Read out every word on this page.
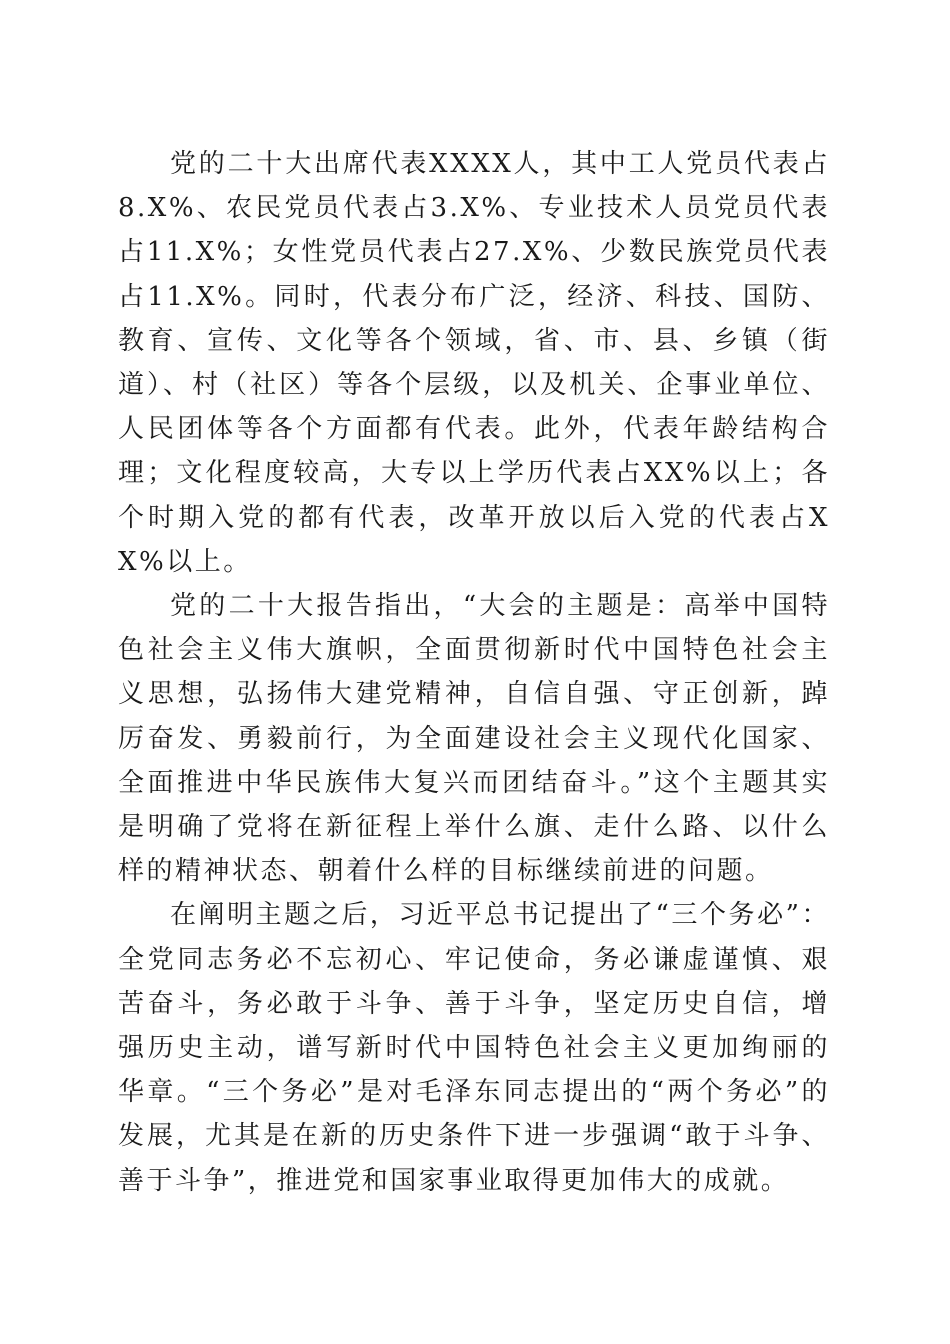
党的二十大出席代表XXXX人，其中工人党员代表占8.X%、农民党员代表占3.X%、专业技术人员党员代表占11.X%；女性党员代表占27.X%、少数民族党员代表占11.X%。同时，代表分布广泛，经济、科技、国防、教育、宣传、文化等各个领域，省、市、县、乡镇（街道）、村（社区）等各个层级，以及机关、企事业单位、人民团体等各个方面都有代表。此外，代表年龄结构合理；文化程度较高，大专以上学历代表占XX%以上；各个时期入党的都有代表，改革开放以后入党的代表占XX%以上。

党的二十大报告指出，“大会的主题是：高举中国特色社会主义伟大旗帜，全面贯彻新时代中国特色社会主义思想，弘扬伟大建党精神，自信自强、守正创新，踔厉奋发、勇毅前行，为全面建设社会主义现代化国家、全面推进中华民族伟大复兴而团结奋斗。”这个主题其实是明确了党将在新征程上举什么旗、走什么路、以什么样的精神状态、朝着什么样的目标继续前进的问题。

在阐明主题之后，习近平总书记提出了“三个务必”：全党同志务必不忘初心、牢记使命，务必谦虚谨慎、艰苦奋斗，务必敢于斗争、善于斗争，坚定历史自信，增强历史主动，谱写新时代中国特色社会主义更加绚丽的华章。“三个务必”是对毛泽东同志提出的“两个务必”的发展，尤其是在新的历史条件下进一步强调“敢于斗争、善于斗争”，推进党和国家事业取得更加伟大的成就。
